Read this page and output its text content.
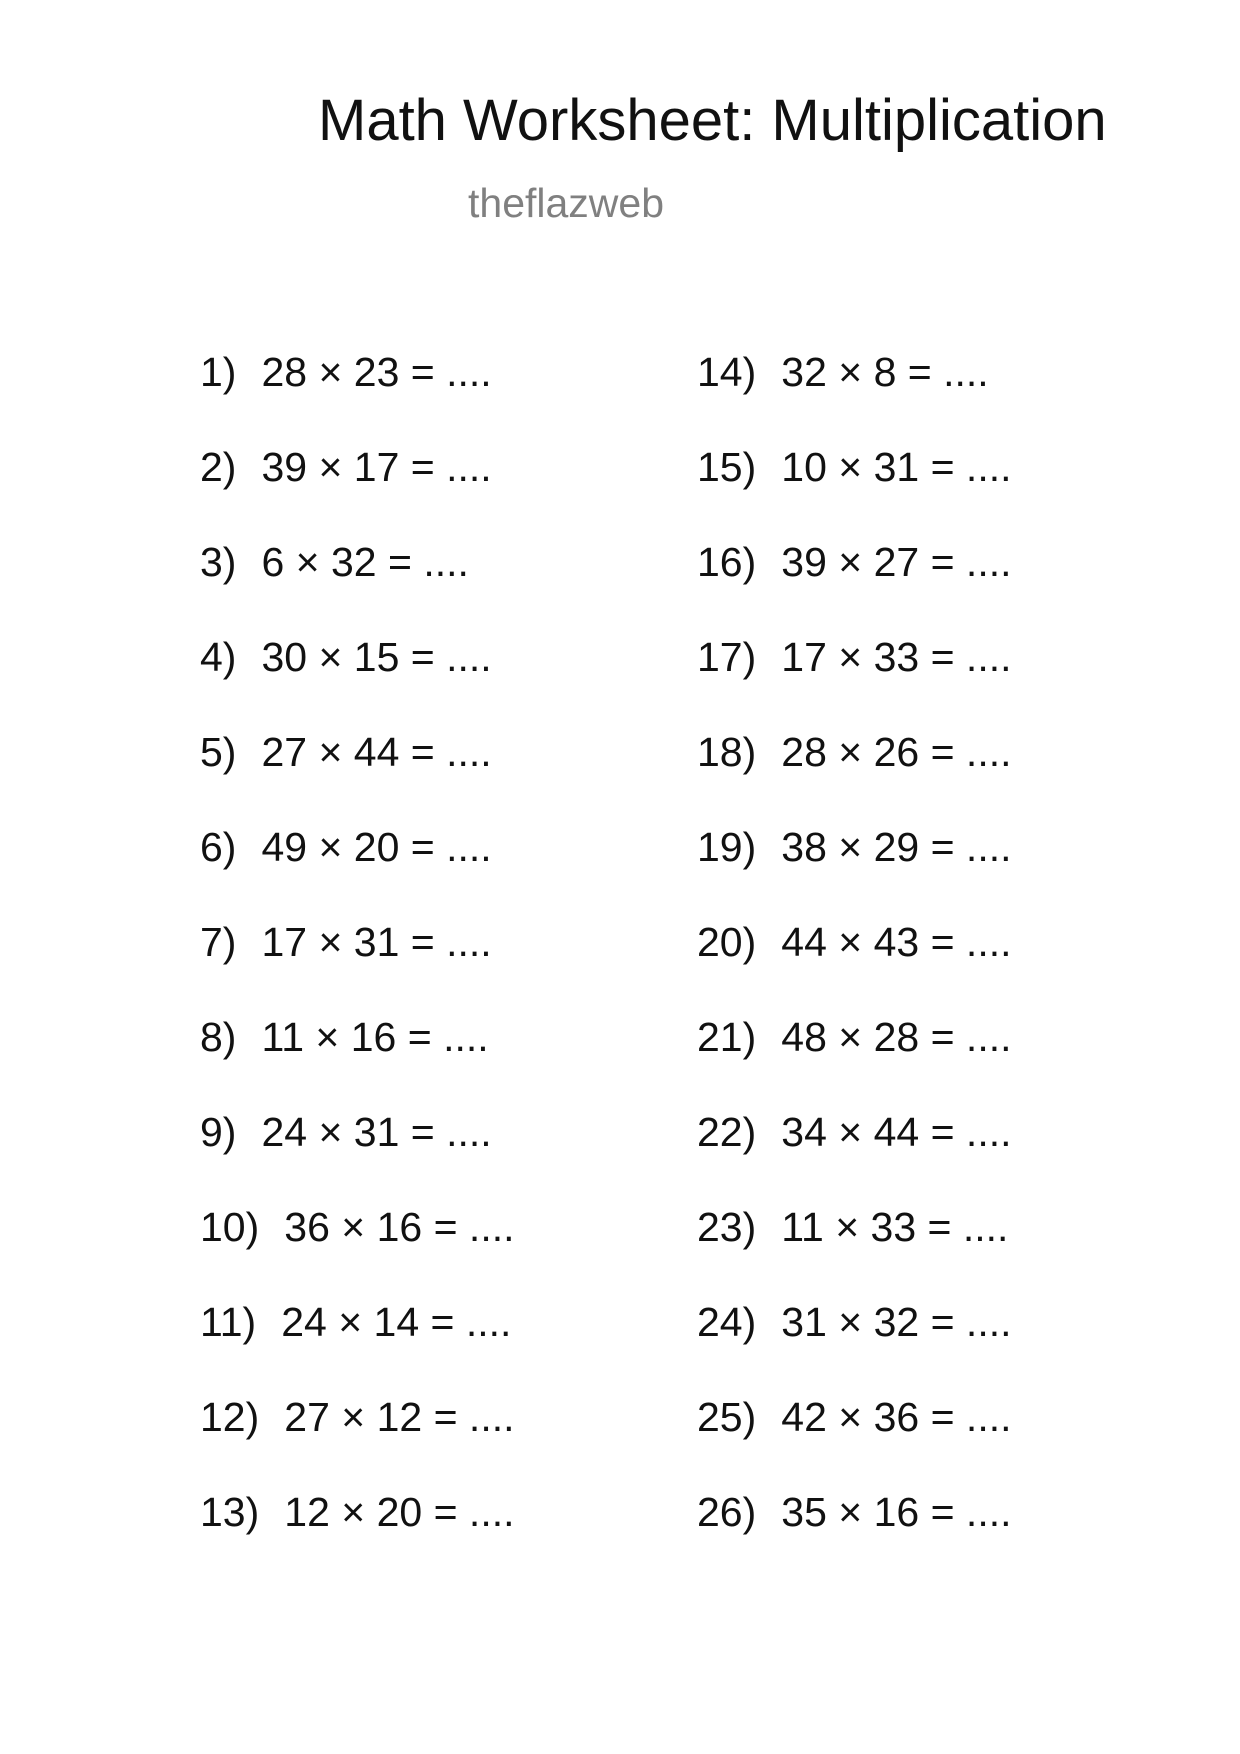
Math Worksheet: Multiplication
theflazweb
1) 28 × 23 = ....
2) 39 × 17 = ....
3) 6 × 32 = ....
4) 30 × 15 = ....
5) 27 × 44 = ....
6) 49 × 20 = ....
7) 17 × 31 = ....
8) 11 × 16 = ....
9) 24 × 31 = ....
10) 36 × 16 = ....
11) 24 × 14 = ....
12) 27 × 12 = ....
13) 12 × 20 = ....
14) 32 × 8 = ....
15) 10 × 31 = ....
16) 39 × 27 = ....
17) 17 × 33 = ....
18) 28 × 26 = ....
19) 38 × 29 = ....
20) 44 × 43 = ....
21) 48 × 28 = ....
22) 34 × 44 = ....
23) 11 × 33 = ....
24) 31 × 32 = ....
25) 42 × 36 = ....
26) 35 × 16 = ....
